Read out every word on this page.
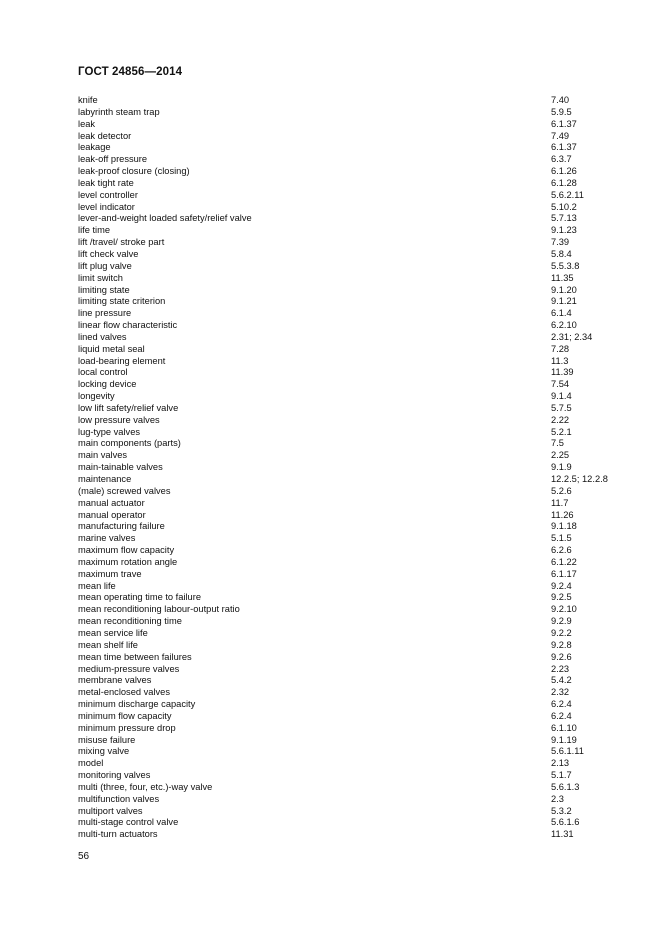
ГОСТ 24856—2014
knife	7.40
labyrinth steam trap	5.9.5
leak	6.1.37
leak detector	7.49
leakage	6.1.37
leak-off pressure	6.3.7
leak-proof closure (closing)	6.1.26
leak tight rate	6.1.28
level controller	5.6.2.11
level indicator	5.10.2
lever-and-weight loaded safety/relief valve	5.7.13
life time	9.1.23
lift /travel/ stroke part	7.39
lift check valve	5.8.4
lift plug valve	5.5.3.8
limit switch	11.35
limiting state	9.1.20
limiting state criterion	9.1.21
line pressure	6.1.4
linear flow characteristic	6.2.10
lined valves	2.31; 2.34
liquid metal seal	7.28
load-bearing element	11.3
local control	11.39
locking device	7.54
longevity	9.1.4
low lift safety/relief valve	5.7.5
low pressure valves	2.22
lug-type valves	5.2.1
main components (parts)	7.5
main valves	2.25
main-tainable valves	9.1.9
maintenance	12.2.5; 12.2.8
(male) screwed valves	5.2.6
manual actuator	11.7
manual operator	11.26
manufacturing failure	9.1.18
marine valves	5.1.5
maximum flow capacity	6.2.6
maximum rotation angle	6.1.22
maximum trave	6.1.17
mean life	9.2.4
mean operating time to failure	9.2.5
mean reconditioning labour-output ratio	9.2.10
mean reconditioning time	9.2.9
mean service life	9.2.2
mean shelf life	9.2.8
mean time between failures	9.2.6
medium-pressure valves	2.23
membrane valves	5.4.2
metal-enclosed valves	2.32
minimum discharge capacity	6.2.4
minimum flow capacity	6.2.4
minimum pressure drop	6.1.10
misuse failure	9.1.19
mixing valve	5.6.1.11
model	2.13
monitoring valves	5.1.7
multi (three, four, etc.)-way valve	5.6.1.3
multifunction valves	2.3
multiport valves	5.3.2
multi-stage control valve	5.6.1.6
multi-turn actuators	11.31
56
